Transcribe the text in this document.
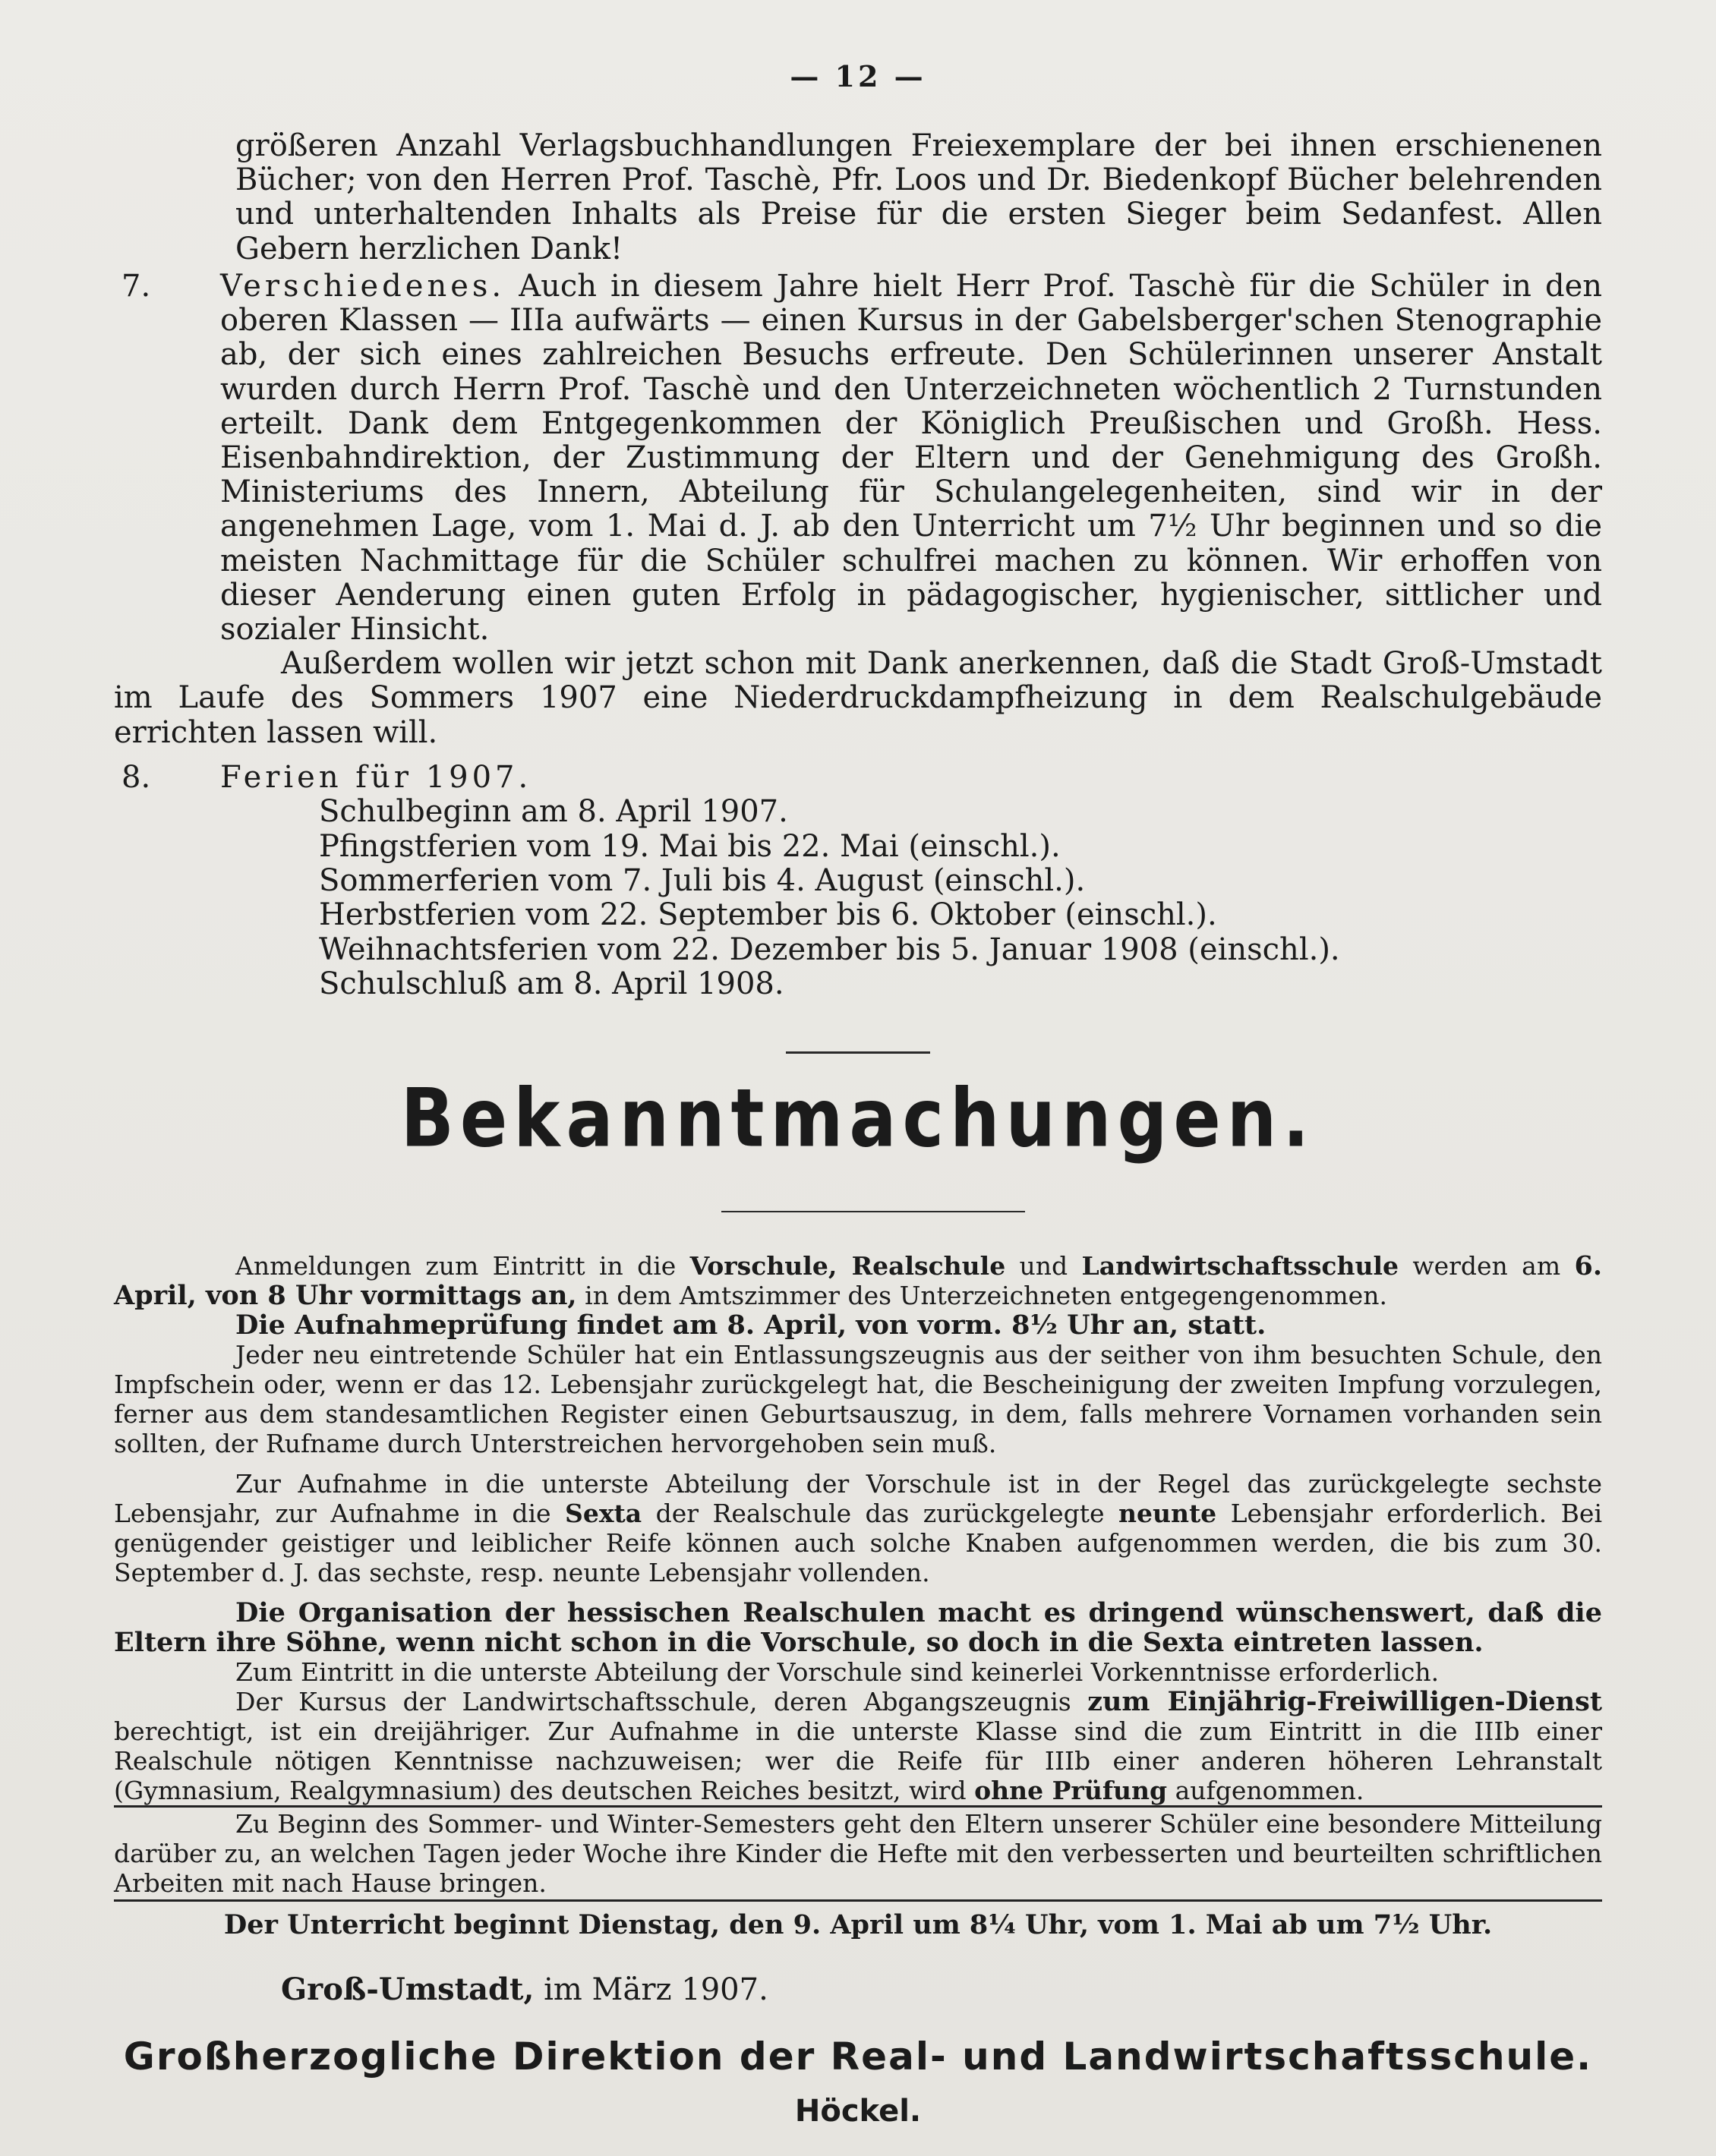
— 12 —
größeren Anzahl Verlagsbuchhandlungen Freiexemplare der bei ihnen erschienenen Bücher; von den Herren Prof. Taschè, Pfr. Loos und Dr. Biedenkopf Bücher belehrenden und unterhaltenden Inhalts als Preise für die ersten Sieger beim Sedanfest. Allen Gebern herzlichen Dank!
7.	Verschiedenes. Auch in diesem Jahre hielt Herr Prof. Taschè für die Schüler in den oberen Klassen — IIIa aufwärts — einen Kursus in der Gabelsberger'schen Stenographie ab, der sich eines zahlreichen Besuchs erfreute. Den Schülerinnen unserer Anstalt wurden durch Herrn Prof. Taschè und den Unterzeichneten wöchentlich 2 Turnstunden erteilt. Dank dem Entgegenkommen der Königlich Preußischen und Großh. Hess. Eisenbahndirektion, der Zustimmung der Eltern und der Genehmigung des Großh. Ministeriums des Innern, Abteilung für Schulangelegenheiten, sind wir in der angenehmen Lage, vom 1. Mai d. J. ab den Unterricht um 7½ Uhr beginnen und so die meisten Nachmittage für die Schüler schulfrei machen zu können. Wir erhoffen von dieser Aenderung einen guten Erfolg in pädagogischer, hygienischer, sittlicher und sozialer Hinsicht.
Außerdem wollen wir jetzt schon mit Dank anerkennen, daß die Stadt Groß-Umstadt im Laufe des Sommers 1907 eine Niederdruckdampfheizung in dem Realschulgebäude errichten lassen will.
8.	Ferien für 1907.
Schulbeginn am 8. April 1907.
Pfingstferien vom 19. Mai bis 22. Mai (einschl.).
Sommerferien vom 7. Juli bis 4. August (einschl.).
Herbstferien vom 22. September bis 6. Oktober (einschl.).
Weihnachtsferien vom 22. Dezember bis 5. Januar 1908 (einschl.).
Schulschluß am 8. April 1908.
Bekanntmachungen.

Anmeldungen zum Eintritt in die Vorschule, Realschule und Landwirtschaftsschule werden am 6. April, von 8 Uhr vormittags an, in dem Amtszimmer des Unterzeichneten entgegengenommen.

Die Aufnahmeprüfung findet am 8. April, von vorm. 8½ Uhr an, statt.

Jeder neu eintretende Schüler hat ein Entlassungszeugnis aus der seither von ihm besuchten Schule, den Impfschein oder, wenn er das 12. Lebensjahr zurückgelegt hat, die Bescheinigung der zweiten Impfung vorzulegen, ferner aus dem standesamtlichen Register einen Geburtsauszug, in dem, falls mehrere Vornamen vorhanden sein sollten, der Rufname durch Unterstreichen hervorgehoben sein muß.

Zur Aufnahme in die unterste Abteilung der Vorschule ist in der Regel das zurückgelegte sechste Lebensjahr, zur Aufnahme in die Sexta der Realschule das zurückgelegte neunte Lebensjahr erforderlich. Bei genügender geistiger und leiblicher Reife können auch solche Knaben aufgenommen werden, die bis zum 30. September d. J. das sechste, resp. neunte Lebensjahr vollenden.

Die Organisation der hessischen Realschulen macht es dringend wünschenswert, daß die Eltern ihre Söhne, wenn nicht schon in die Vorschule, so doch in die Sexta eintreten lassen.

Zum Eintritt in die unterste Abteilung der Vorschule sind keinerlei Vorkenntnisse erforderlich.

Der Kursus der Landwirtschaftsschule, deren Abgangszeugnis zum Einjährig-Freiwilligen-Dienst berechtigt, ist ein dreijähriger. Zur Aufnahme in die unterste Klasse sind die zum Eintritt in die IIIb einer Realschule nötigen Kenntnisse nachzuweisen; wer die Reife für IIIb einer anderen höheren Lehranstalt (Gymnasium, Realgymnasium) des deutschen Reiches besitzt, wird ohne Prüfung aufgenommen.

Zu Beginn des Sommer- und Winter-Semesters geht den Eltern unserer Schüler eine besondere Mitteilung darüber zu, an welchen Tagen jeder Woche ihre Kinder die Hefte mit den verbesserten und beurteilten schriftlichen Arbeiten mit nach Hause bringen.

Der Unterricht beginnt Dienstag, den 9. April um 8¼ Uhr, vom 1. Mai ab um 7½ Uhr.
Groß-Umstadt, im März 1907.
Großherzogliche Direktion der Real- und Landwirtschaftsschule.
Höckel.
